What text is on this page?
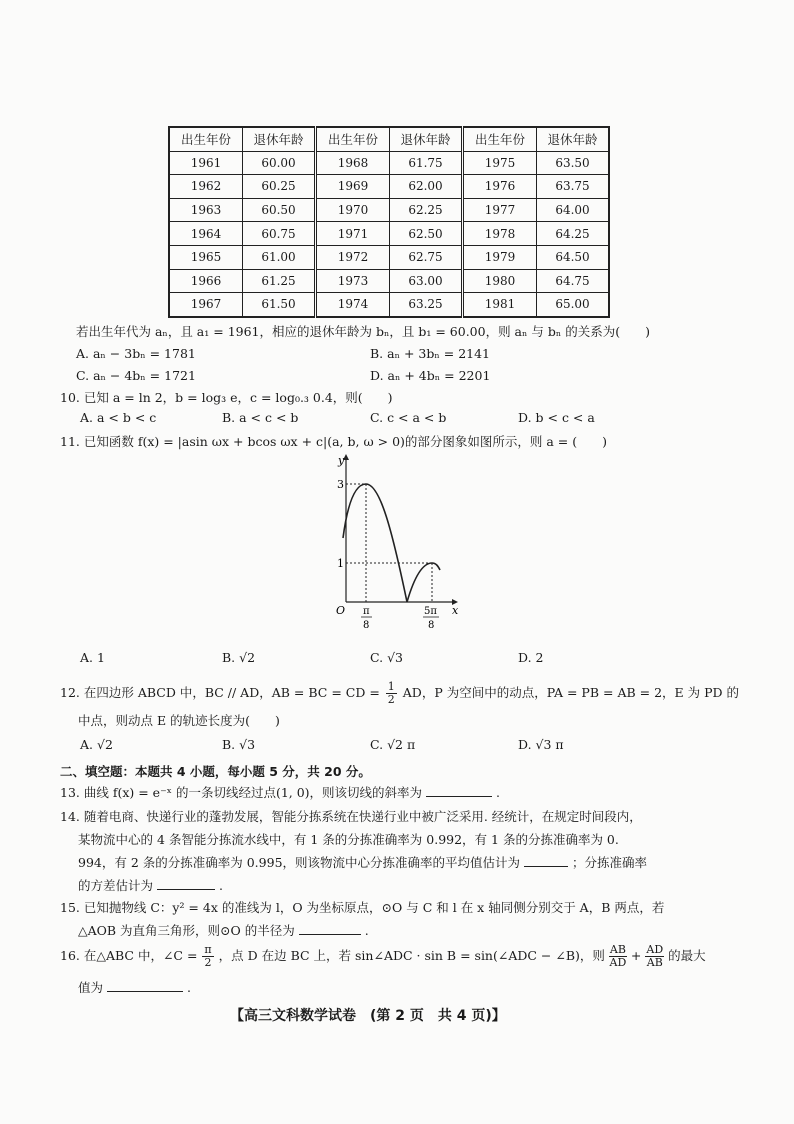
出生年份	退休年龄	出生年份	退休年龄	出生年份	退休年龄
1961	60.00	1968	61.75	1975	63.50
1962	60.25	1969	62.00	1976	63.75
1963	60.50	1970	62.25	1977	64.00
1964	60.75	1971	62.50	1978	64.25
1965	61.00	1972	62.75	1979	64.50
1966	61.25	1973	63.00	1980	64.75
1967	61.50	1974	63.25	1981	65.00
若出生年代为 aₙ，且 a₁ = 1961，相应的退休年龄为 bₙ，且 b₁ = 60.00，则 aₙ 与 bₙ 的关系为(　　)
A. aₙ − 3bₙ = 1781	B. aₙ + 3bₙ = 2141
C. aₙ − 4bₙ = 1721	D. aₙ + 4bₙ = 2201
10. 已知 a = ln 2，b = log₃ e，c = log₀.₃ 0.4，则(　　)
A. a < b < c	B. a < c < b	C. c < a < b	D. b < c < a
11. 已知函数 f(x) = |asin ωx + bcos ωx + c|(a, b, ω > 0)的部分图象如图所示，则 a = (　　)
y
x
O
3
1
π
8
5π
8
A. 1	B. √2	C. √3	D. 2
12. 在四边形 ABCD 中，BC // AD，AB = BC = CD = $\frac{1}{2}$ AD，P 为空间中的动点，PA = PB = AB = 2，E 为 PD 的
中点，则动点 E 的轨迹长度为(　　)
A. √2	B. √3	C. √2 π	D. √3 π
二、填空题：本题共 4 小题，每小题 5 分，共 20 分。
13. 曲线 f(x) = e⁻ˣ 的一条切线经过点(1, 0)，则该切线的斜率为	.
14. 随着电商、快递行业的蓬勃发展，智能分拣系统在快递行业中被广泛采用. 经统计，在规定时间段内，
某物流中心的 4 条智能分拣流水线中，有 1 条的分拣准确率为 0.992，有 1 条的分拣准确率为 0.
994，有 2 条的分拣准确率为 0.995，则该物流中心分拣准确率的平均值估计为	；分拣准确率
的方差估计为	.
15. 已知抛物线 C：y² = 4x 的准线为 l，O 为坐标原点，⊙O 与 C 和 l 在 x 轴同侧分别交于 A，B 两点，若
△AOB 为直角三角形，则⊙O 的半径为	.
16. 在△ABC 中，∠C = $\frac{\pi}{2}$ ，点 D 在边 BC 上，若 sin∠ADC · sin B = sin(∠ADC − ∠B)，则 $\frac{AB}{AD} + \frac{AD}{AB}$ 的最大
值为	.
【高三文科数学试卷　(第 2 页　共 4 页)】
